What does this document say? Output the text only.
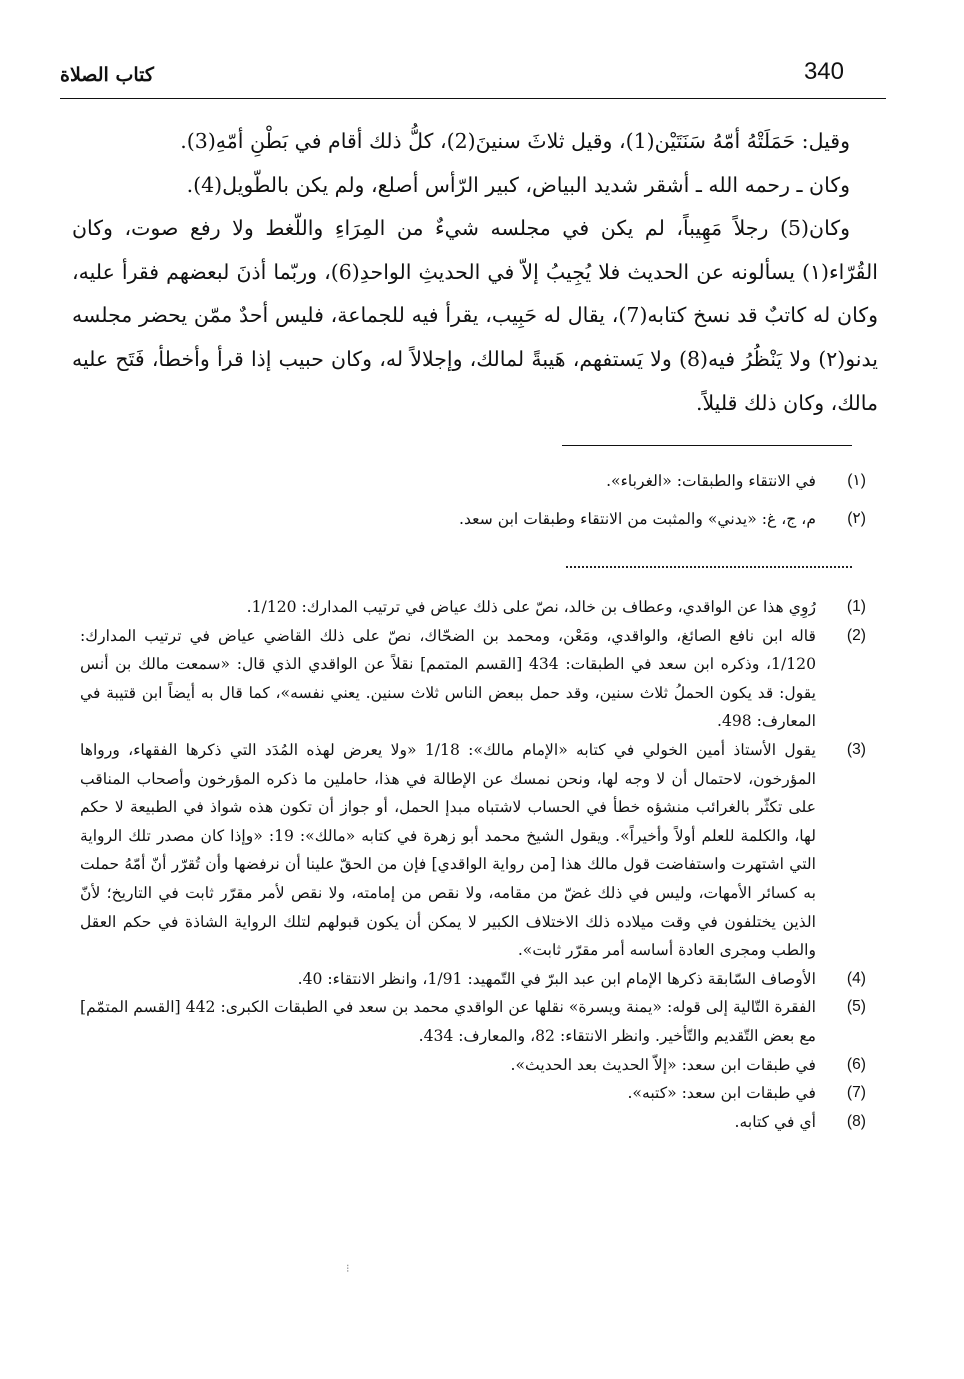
340
كتاب الصلاة

وقيل: حَمَلَتْهُ أمّهُ سَنَتَيْن(1)، وقيل ثلاثَ سنينَ(2)، كلُّ ذلك أقام في بَطْنِ أمّهِ(3).

وكان ـ رحمه الله ـ أشقر شديد البياض، كبير الرّأس أصلع، ولم يكن بالطّويل(4).

وكان(5) رجلاً مَهِيباً، لم يكن في مجلسه شيءٌ من المِرَاءِ واللّغط ولا رفع صوت، وكان القُرّاء(١) يسألونه عن الحديث فلا يُجِيبُ إلاّ في الحديثِ الواحدِ(6)، وربّما أذنَ لبعضهم فقرأ عليه، وكان له كاتبٌ قد نسخ كتابه(7)، يقال له حَبِيب، يقرأ فيه للجماعة، فليس أحدٌ ممّن يحضر مجلسه يدنو(٢) ولا يَنْظُرُ فيه(8) ولا يَستفهم، هَيبةً لمالك، وإجلالاً له، وكان حبيب إذا قرأ وأخطأ، فَتَح عليه مالك، وكان ذلك قليلاً.

(١)
في الانتقاء والطبقات: «الغرباء».
(٢)
م، ج، غ: «يدني» والمثبت من الانتقاء وطبقات ابن سعد.
(1)
رُوِي هذا عن الواقدي، وعطاف بن خالد، نصّ على ذلك عياض في ترتيب المدارك: 1/120.
(2)
قاله ابن نافع الصائغ، والواقدي، ومَعْن، ومحمد بن الضحّاك، نصّ على ذلك القاضي عياض في ترتيب المدارك: 1/120، وذكره ابن سعد في الطبقات: 434 [القسم المتمم] نقلاً عن الواقدي الذي قال: «سمعت مالك بن أنس يقول: قد يكون الحملُ ثلاث سنين، وقد حمل ببعض الناس ثلاث سنين. يعني نفسه»، كما قال به أيضاً ابن قتيبة في المعارف: 498.
(3)
يقول الأستاذ أمين الخولي في كتابه «الإمام مالك»: 1/18 «ولا يعرض لهذه المُدَد التي ذكرها الفقهاء، ورواها المؤرخون، لاحتمال أن لا وجه لها، ونحن نمسك عن الإطالة في هذا، حاملين ما ذكره المؤرخون وأصحاب المناقب على تكثّر بالغرائب منشؤه خطأ في الحساب لاشتباه مبدإ الحمل، أو جواز أن تكون هذه شواذ في الطبيعة لا حكم لها، والكلمة للعلم أولاً وأخيراً». ويقول الشيخ محمد أبو زهرة في كتابه «مالك»: 19: «وإذا كان مصدر تلك الرواية التي اشتهرت واستفاضت قول مالك هذا [من رواية الواقدي] فإن من الحقّ علينا أن نرفضها وأن تُقرّر أنّ أمّهُ حملت به كسائر الأمهات، وليس في ذلك غضّ من مقامه، ولا نقص من إمامته، ولا نقص لأمر مقرّر ثابت في التاريخ؛ لأنّ الذين يختلفون في وقت ميلاده ذلك الاختلاف الكبير لا يمكن أن يكون قبولهم لتلك الرواية الشاذة في حكم العقل والطب ومجرى العادة أساسه أمر مقرّر ثابت».
(4)
الأوصاف السّابقة ذكرها الإمام ابن عبد البرّ في التّمهيد: 1/91، وانظر الانتقاء: 40.
(5)
الفقرة التّالية إلى قوله: «يمنة ويسرة» نقلها عن الواقدي محمد بن سعد في الطبقات الكبرى: 442 [القسم المتمّم] مع بعض التّقديم والتّأخير. وانظر الانتقاء: 82، والمعارف: 434.
(6)
في طبقات ابن سعد: «إلاّ الحديث بعد الحديث».
(7)
في طبقات ابن سعد: «كتبه».
(8)
أي في كتابه.
⁝
